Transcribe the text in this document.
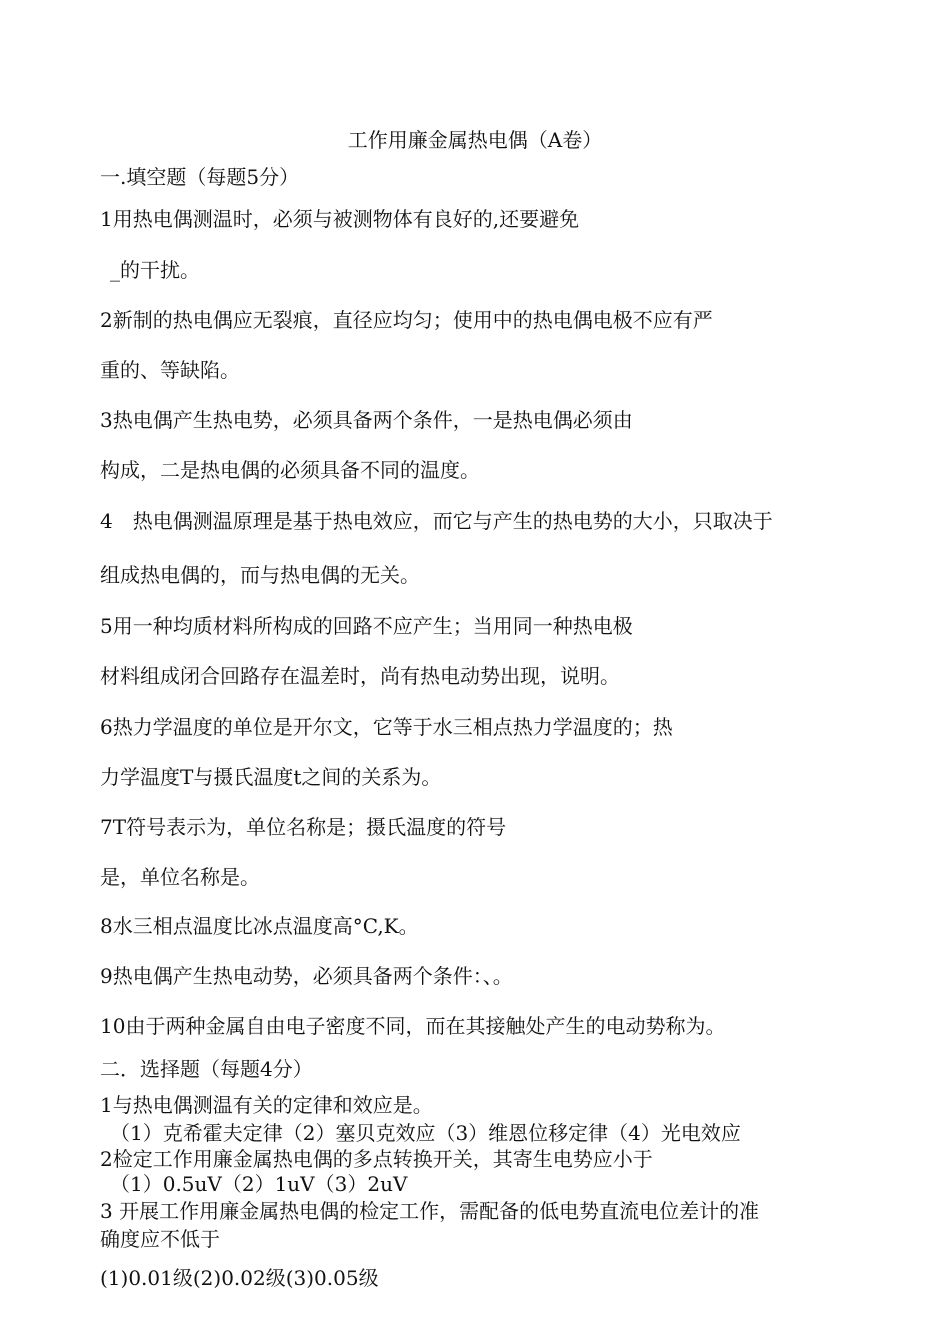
工作用廉金属热电偶（A卷）
一.填空题（每题5分）
1用热电偶测温时，必须与被测物体有良好的,还要避免
_的干扰。
2新制的热电偶应无裂痕，直径应均匀；使用中的热电偶电极不应有严
重的、等缺陷。
3热电偶产生热电势，必须具备两个条件，一是热电偶必须由
构成，二是热电偶的必须具备不同的温度。
4　热电偶测温原理是基于热电效应，而它与产生的热电势的大小，只取决于
组成热电偶的，而与热电偶的无关。
5用一种均质材料所构成的回路不应产生；当用同一种热电极
材料组成闭合回路存在温差时，尚有热电动势出现，说明。
6热力学温度的单位是开尔文，它等于水三相点热力学温度的；热
力学温度T与摄氏温度t之间的关系为。
7T符号表示为，单位名称是；摄氏温度的符号
是，单位名称是。
8水三相点温度比冰点温度高°C,K。
9热电偶产生热电动势，必须具备两个条件：、。
10由于两种金属自由电子密度不同，而在其接触处产生的电动势称为。
二．选择题（每题4分）
1与热电偶测温有关的定律和效应是。
（1）克希霍夫定律（2）塞贝克效应（3）维恩位移定律（4）光电效应
2检定工作用廉金属热电偶的多点转换开关，其寄生电势应小于
（1）0.5uV（2）1uV（3）2uV
3 开展工作用廉金属热电偶的检定工作，需配备的低电势直流电位差计的准
确度应不低于
(1)0.01级(2)0.02级(3)0.05级
